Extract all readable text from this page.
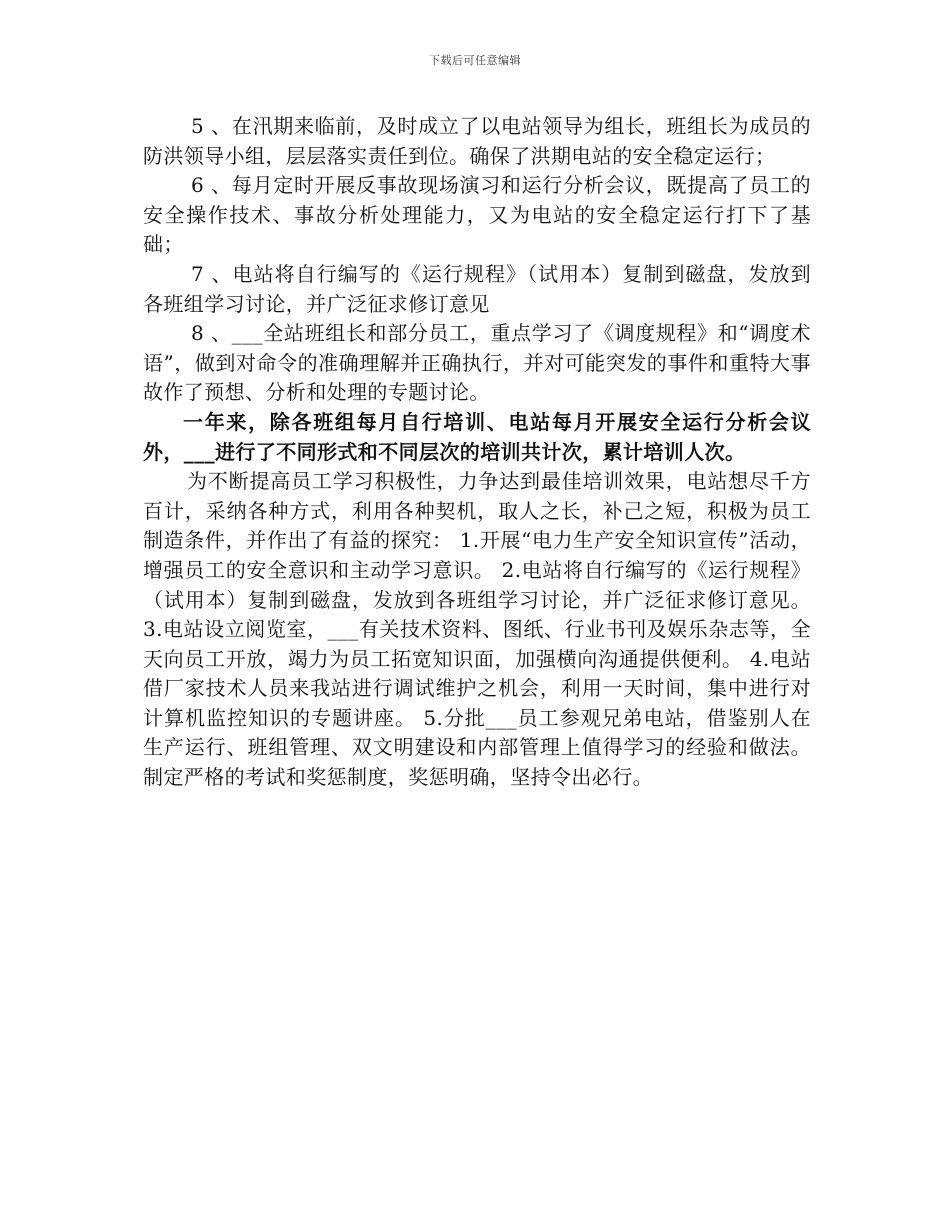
下载后可任意编辑

5 、在汛期来临前，及时成立了以电站领导为组长，班组长为成员的防洪领导小组，层层落实责任到位。确保了洪期电站的安全稳定运行；

6 、每月定时开展反事故现场演习和运行分析会议，既提高了员工的安全操作技术、事故分析处理能力，又为电站的安全稳定运行打下了基础；

7 、电站将自行编写的《运行规程》（试用本）复制到磁盘，发放到各班组学习讨论，并广泛征求修订意见

8 、___全站班组长和部分员工，重点学习了《调度规程》和“调度术语”，做到对命令的准确理解并正确执行，并对可能突发的事件和重特大事故作了预想、分析和处理的专题讨论。

一年来，除各班组每月自行培训、电站每月开展安全运行分析会议外，___进行了不同形式和不同层次的培训共计次，累计培训人次。

为不断提高员工学习积极性，力争达到最佳培训效果，电站想尽千方百计，采纳各种方式，利用各种契机，取人之长，补己之短，积极为员工制造条件，并作出了有益的探究： 1.开展“电力生产安全知识宣传”活动，增强员工的安全意识和主动学习意识。 2.电站将自行编写的《运行规程》（试用本）复制到磁盘，发放到各班组学习讨论，并广泛征求修订意见。 3.电站设立阅览室，___有关技术资料、图纸、行业书刊及娱乐杂志等，全天向员工开放，竭力为员工拓宽知识面，加强横向沟通提供便利。 4.电站借厂家技术人员来我站进行调试维护之机会，利用一天时间，集中进行对计算机监控知识的专题讲座。 5.分批___员工参观兄弟电站，借鉴别人在生产运行、班组管理、双文明建设和内部管理上值得学习的经验和做法。制定严格的考试和奖惩制度，奖惩明确，坚持令出必行。
